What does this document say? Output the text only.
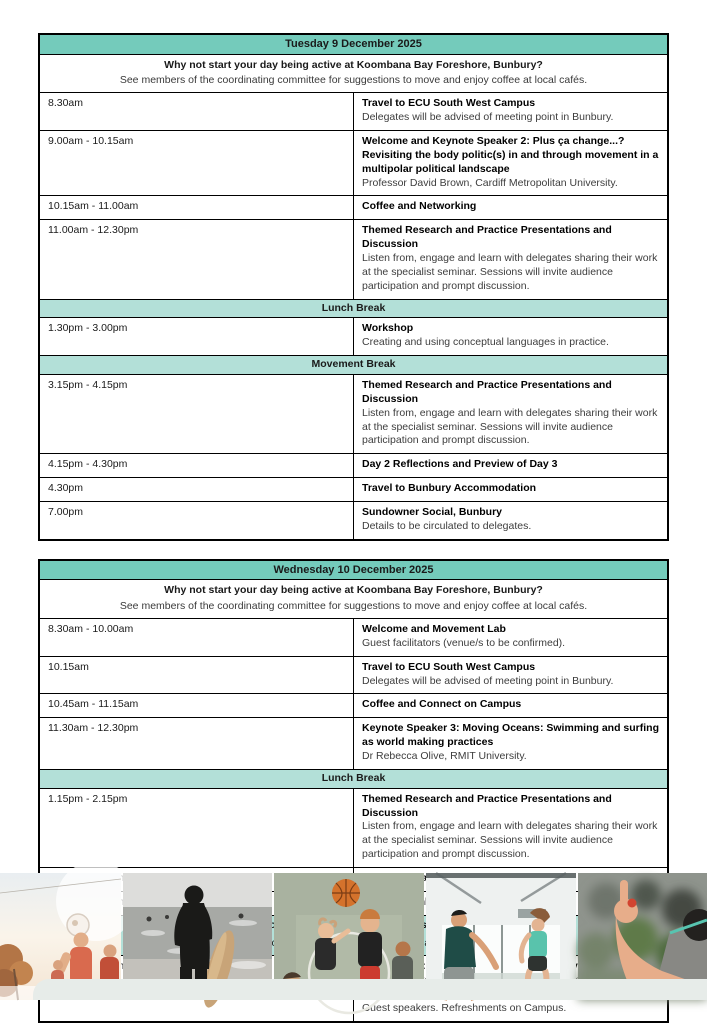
Tuesday 9 December 2025	

Why not start your day being active at Koombana Bay Foreshore, Bunbury?
See members of the coordinating committee for suggestions to move and enjoy coffee at local cafés.	

8.30am	Travel to ECU South West Campus
Delegates will be advised of meeting point in Bunbury.

9.00am - 10.15am	Welcome and Keynote Speaker 2: Plus ça change...? Revisiting the body politic(s) in and through movement in a multipolar political landscape
Professor David Brown, Cardiff Metropolitan University.

10.15am - 11.00am	Coffee and Networking

11.00am - 12.30pm	Themed Research and Practice Presentations and Discussion
Listen from, engage and learn with delegates sharing their work at the specialist seminar. Sessions will invite audience participation and prompt discussion.

Lunch Break	
1.30pm - 3.00pm	Workshop
Creating and using conceptual languages in practice.

Movement Break	
3.15pm - 4.15pm	Themed Research and Practice Presentations and Discussion
Listen from, engage and learn with delegates sharing their work at the specialist seminar. Sessions will invite audience participation and prompt discussion.

4.15pm - 4.30pm	Day 2 Reflections and Preview of Day 3

4.30pm	Travel to Bunbury Accommodation

7.00pm	Sundowner Social, Bunbury
Details to be circulated to delegates.
Wednesday 10 December 2025	

Why not start your day being active at Koombana Bay Foreshore, Bunbury?
See members of the coordinating committee for suggestions to move and enjoy coffee at local cafés.	

8.30am - 10.00am	Welcome and Movement Lab
Guest facilitators (venue/s to be confirmed).

10.15am	Travel to ECU South West Campus
Delegates will be advised of meeting point in Bunbury.

10.45am - 11.15am	Coffee and Connect on Campus

11.30am - 12.30pm	Keynote Speaker 3: Moving Oceans: Swimming and surfing as world making practices
Dr Rebecca Olive, RMIT University.

Lunch Break	
1.15pm - 2.15pm	Themed Research and Practice Presentations and Discussion
Listen from, engage and learn with delegates sharing their work at the specialist seminar. Sessions will invite audience participation and prompt discussion.

Guest speakers. Refreshments on Campus.
